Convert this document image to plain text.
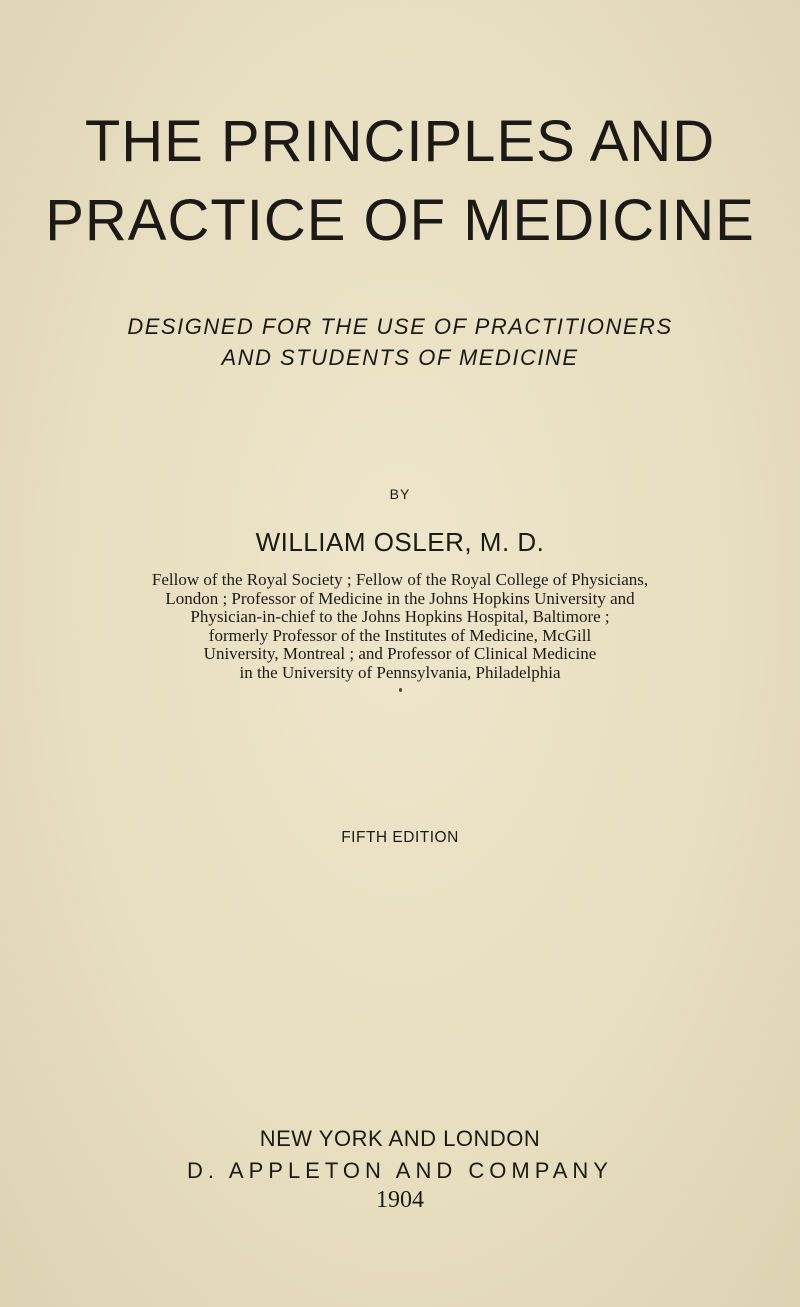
THE PRINCIPLES AND
PRACTICE OF MEDICINE
DESIGNED FOR THE USE OF PRACTITIONERS
AND STUDENTS OF MEDICINE
BY
WILLIAM OSLER, M. D.
Fellow of the Royal Society ; Fellow of the Royal College of Physicians,
London ; Professor of Medicine in the Johns Hopkins University and
Physician-in-chief to the Johns Hopkins Hospital, Baltimore ;
formerly Professor of the Institutes of Medicine, McGill
University, Montreal ; and Professor of Clinical Medicine
in the University of Pennsylvania, Philadelphia
FIFTH EDITION
NEW YORK AND LONDON
D. APPLETON AND COMPANY
1904
